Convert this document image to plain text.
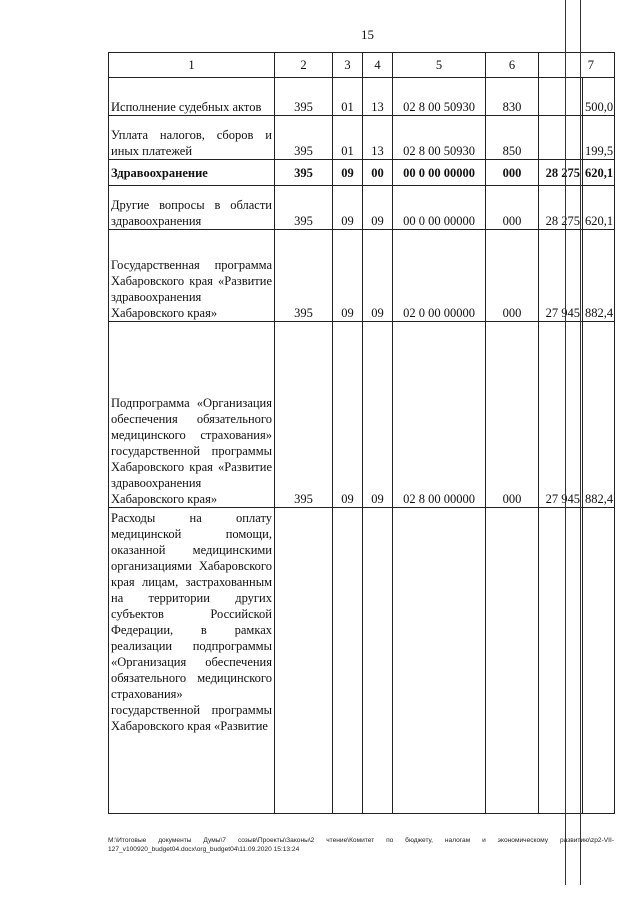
15
1	2	3	4	5	6	7	
Исполнение судебных актов	395	01	13	02 8 00 50930	830		500,0
Уплата налогов, сборов и иных платежей	395	01	13	02 8 00 50930	850		199,5
Здравоохранение	395	09	00	00 0 00 00000	000	28 275	620,1
Другие вопросы в области здравоохранения	395	09	09	00 0 00 00000	000	28 275	620,1
Государственная программа Хабаровского края «Развитие здравоохранения Хабаровского края»	395	09	09	02 0 00 00000	000	27 945	882,4
Подпрограмма «Организация обеспечения обязательного медицинского страхования» государственной программы Хабаровского края «Развитие здравоохранения Хабаровского края»	395	09	09	02 8 00 00000	000	27 945	882,4
Расходы на оплату медицинской помощи, оказанной медицинскими организациями Хабаровского края лицам, застрахованным на территории других субъектов Российской Федерации, в рамках реализации подпрограммы «Организация обеспечения обязательного медицинского страхования» государственной программы Хабаровского края «Развитие							
M:\Итоговые документы Думы\7 созыв\Проекты\Законы\2 чтение\Комитет по бюджету, налогам и экономическому развитию\zp2-VII-
127_v100920_budget04.docx\org_budget04\11.09.2020 15:13:24
